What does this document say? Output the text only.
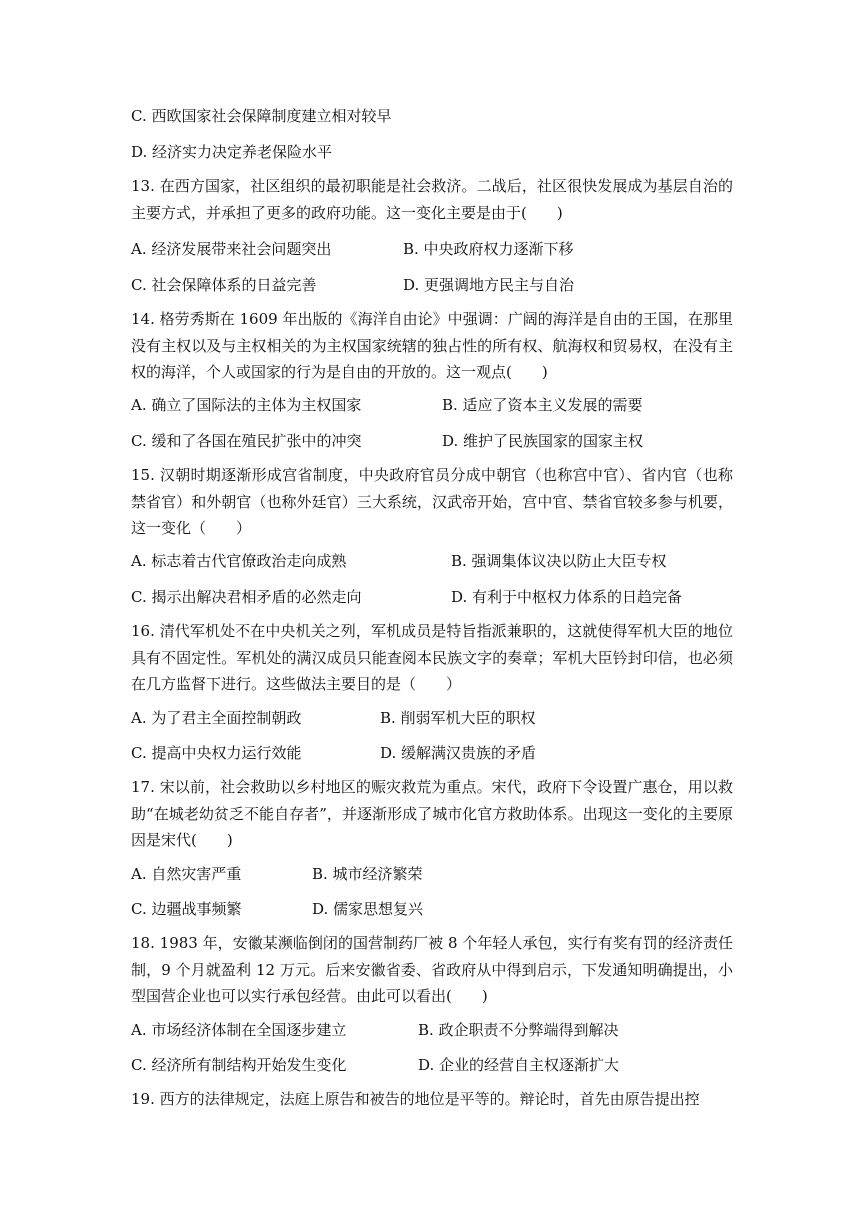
C. 西欧国家社会保障制度建立相对较早
D. 经济实力决定养老保险水平
13. 在西方国家，社区组织的最初职能是社会救济。二战后，社区很快发展成为基层自治的主要方式，并承担了更多的政府功能。这一变化主要是由于(　　)
A. 经济发展带来社会问题突出	B. 中央政府权力逐渐下移
C. 社会保障体系的日益完善	D. 更强调地方民主与自治
14. 格劳秀斯在 1609 年出版的《海洋自由论》中强调：广阔的海洋是自由的王国，在那里没有主权以及与主权相关的为主权国家统辖的独占性的所有权、航海权和贸易权，在没有主权的海洋，个人或国家的行为是自由的开放的。这一观点(　　)
A. 确立了国际法的主体为主权国家	B. 适应了资本主义发展的需要
C. 缓和了各国在殖民扩张中的冲突	D. 维护了民族国家的国家主权
15. 汉朝时期逐渐形成宫省制度，中央政府官员分成中朝官（也称宫中官）、省内官（也称禁省官）和外朝官（也称外廷官）三大系统，汉武帝开始，宫中官、禁省官较多参与机要，这一变化（　　）
A. 标志着古代官僚政治走向成熟	B. 强调集体议决以防止大臣专权
C. 揭示出解决君相矛盾的必然走向	D. 有利于中枢权力体系的日趋完备
16. 清代军机处不在中央机关之列，军机成员是特旨指派兼职的，这就使得军机大臣的地位具有不固定性。军机处的满汉成员只能查阅本民族文字的奏章；军机大臣钤封印信，也必须在几方监督下进行。这些做法主要目的是（　　）
A. 为了君主全面控制朝政	B. 削弱军机大臣的职权
C. 提高中央权力运行效能	D. 缓解满汉贵族的矛盾
17. 宋以前，社会救助以乡村地区的赈灾救荒为重点。宋代，政府下令设置广惠仓，用以救助“在城老幼贫乏不能自存者”，并逐渐形成了城市化官方救助体系。出现这一变化的主要原因是宋代(　　)
A. 自然灾害严重	B. 城市经济繁荣
C. 边疆战事频繁	D. 儒家思想复兴
18. 1983 年，安徽某濒临倒闭的国营制药厂被 8 个年轻人承包，实行有奖有罚的经济责任制，9 个月就盈利 12 万元。后来安徽省委、省政府从中得到启示，下发通知明确提出，小型国营企业也可以实行承包经营。由此可以看出(　　)
A. 市场经济体制在全国逐步建立	B. 政企职责不分弊端得到解决
C. 经济所有制结构开始发生变化	D. 企业的经营自主权逐渐扩大
19. 西方的法律规定，法庭上原告和被告的地位是平等的。辩论时，首先由原告提出控
